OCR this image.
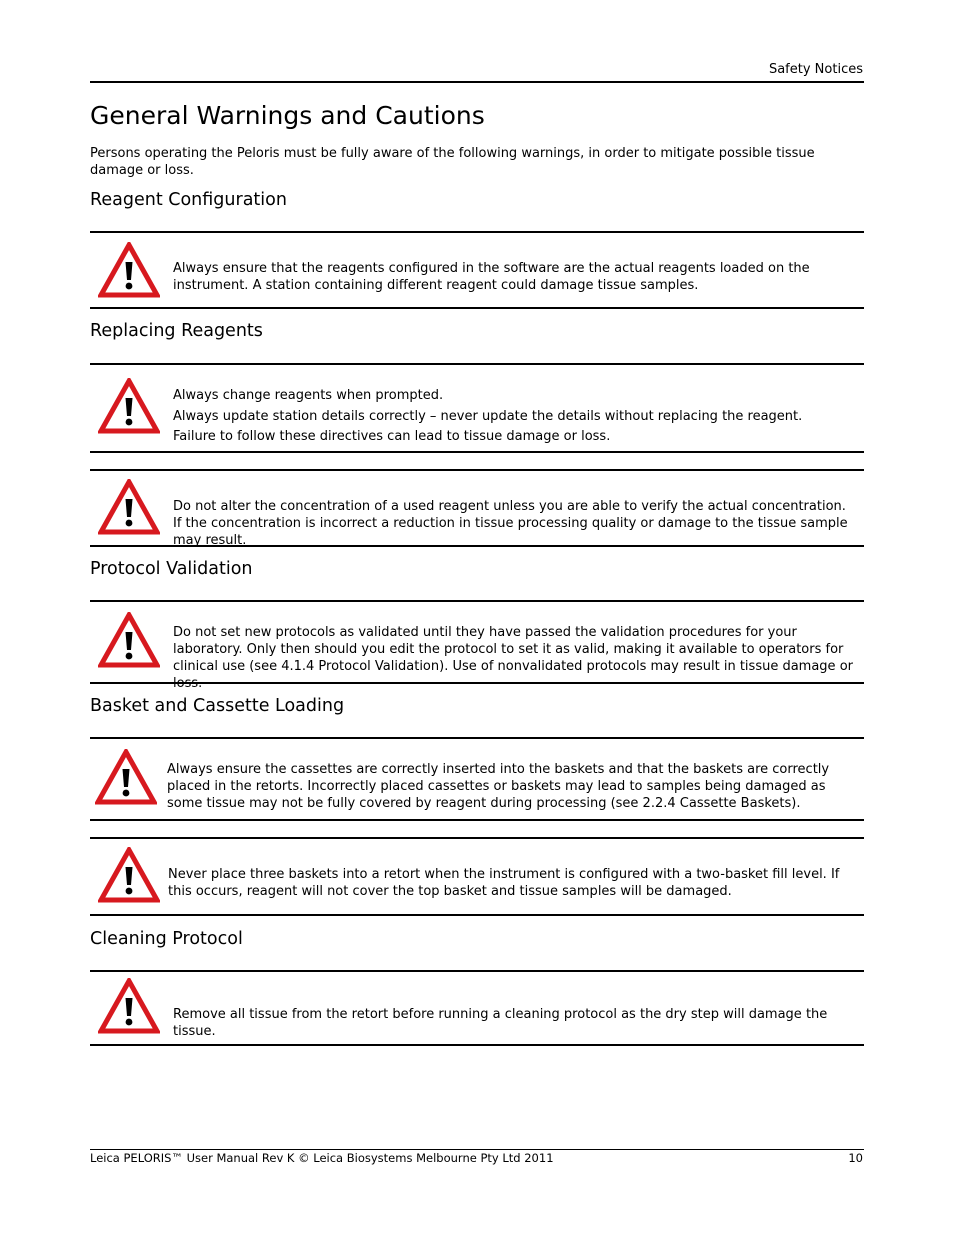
Safety Notices
General Warnings and Cautions
Persons operating the Peloris must be fully aware of the following warnings, in order to mitigate possible tissue damage or loss.
Reagent Configuration
Always ensure that the reagents configured in the software are the actual reagents loaded on the instrument. A station containing different reagent could damage tissue samples.
Replacing Reagents
Always change reagents when prompted.
Always update station details correctly – never update the details without replacing the reagent.
Failure to follow these directives can lead to tissue damage or loss.
Do not alter the concentration of a used reagent unless you are able to verify the actual concentration. If the concentration is incorrect a reduction in tissue processing quality or damage to the tissue sample may result.
Protocol Validation
Do not set new protocols as validated until they have passed the validation procedures for your laboratory. Only then should you edit the protocol to set it as valid, making it available to operators for clinical use (see 4.1.4 Protocol Validation). Use of nonvalidated protocols may result in tissue damage or loss.
Basket and Cassette Loading
Always ensure the cassettes are correctly inserted into the baskets and that the baskets are correctly placed in the retorts. Incorrectly placed cassettes or baskets may lead to samples being damaged as some tissue may not be fully covered by reagent during processing (see 2.2.4 Cassette Baskets).
Never place three baskets into a retort when the instrument is configured with a two-basket fill level. If this occurs, reagent will not cover the top basket and tissue samples will be damaged.
Cleaning Protocol
Remove all tissue from the retort before running a cleaning protocol as the dry step will damage the tissue.
Leica PELORIS™ User Manual Rev K © Leica Biosystems Melbourne Pty Ltd 2011	10
